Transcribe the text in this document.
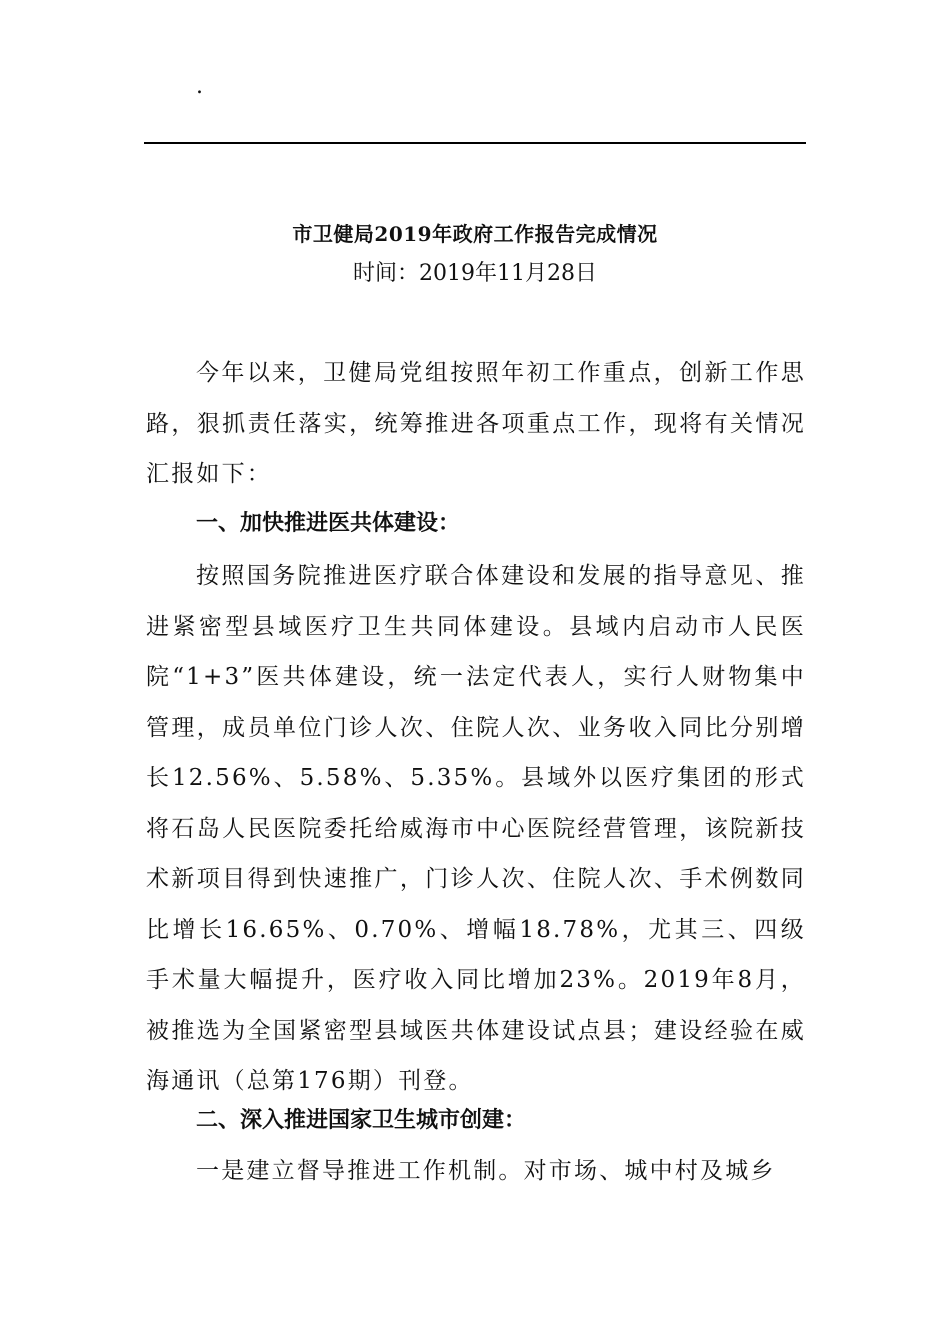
.
市卫健局2019年政府工作报告完成情况
时间：2019年11月28日

今年以来，卫健局党组按照年初工作重点，创新工作思路，狠抓责任落实，统筹推进各项重点工作，现将有关情况汇报如下：

一、加快推进医共体建设：

按照国务院推进医疗联合体建设和发展的指导意见、推进紧密型县域医疗卫生共同体建设。县域内启动市人民医院“1+3”医共体建设，统一法定代表人，实行人财物集中管理，成员单位门诊人次、住院人次、业务收入同比分别增长12.56%、5.58%、5.35%。县域外以医疗集团的形式将石岛人民医院委托给威海市中心医院经营管理，该院新技术新项目得到快速推广，门诊人次、住院人次、手术例数同比增长16.65%、0.70%、增幅18.78%，尤其三、四级手术量大幅提升，医疗收入同比增加23%。2019年8月，被推选为全国紧密型县域医共体建设试点县；建设经验在威海通讯（总第176期）刊登。

二、深入推进国家卫生城市创建：

一是建立督导推进工作机制。对市场、城中村及城乡
